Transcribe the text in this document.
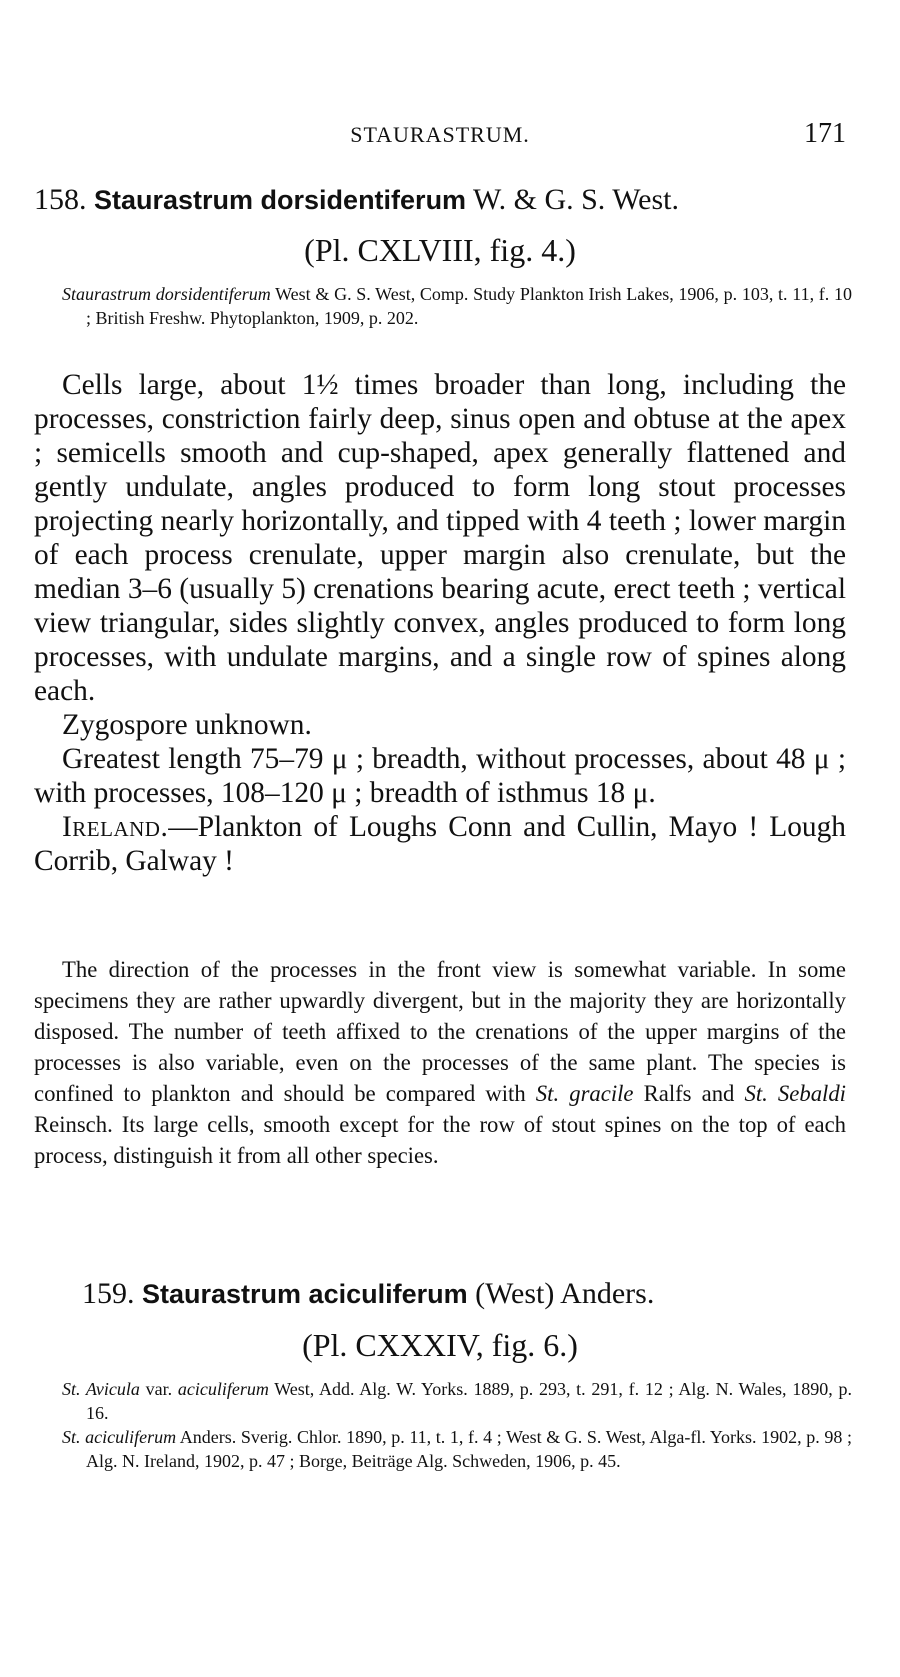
STAURASTRUM.	171
158. Staurastrum dorsidentiferum W. & G. S. West.
(Pl. CXLVIII, fig. 4.)
Staurastrum dorsidentiferum West & G. S. West, Comp. Study Plankton Irish Lakes, 1906, p. 103, t. 11, f. 10 ; British Freshw. Phytoplankton, 1909, p. 202.

Cells large, about 1½ times broader than long, including the processes, constriction fairly deep, sinus open and obtuse at the apex ; semicells smooth and cup-shaped, apex generally flattened and gently undulate, angles produced to form long stout processes projecting nearly horizontally, and tipped with 4 teeth ; lower margin of each process crenulate, upper margin also crenulate, but the median 3–6 (usually 5) crenations bearing acute, erect teeth ; vertical view triangular, sides slightly convex, angles produced to form long processes, with undulate margins, and a single row of spines along each.

Zygospore unknown.

Greatest length 75–79 μ ; breadth, without processes, about 48 μ ; with processes, 108–120 μ ; breadth of isthmus 18 μ.

Ireland.—Plankton of Loughs Conn and Cullin, Mayo ! Lough Corrib, Galway !

The direction of the processes in the front view is somewhat variable. In some specimens they are rather upwardly divergent, but in the majority they are horizontally disposed. The number of teeth affixed to the crenations of the upper margins of the processes is also variable, even on the processes of the same plant. The species is confined to plankton and should be compared with St. gracile Ralfs and St. Sebaldi Reinsch. Its large cells, smooth except for the row of stout spines on the top of each process, distinguish it from all other species.

159. Staurastrum aciculiferum (West) Anders.
(Pl. CXXXIV, fig. 6.)
St. Avicula var. aciculiferum West, Add. Alg. W. Yorks. 1889, p. 293, t. 291, f. 12 ; Alg. N. Wales, 1890, p. 16.
St. aciculiferum Anders. Sverig. Chlor. 1890, p. 11, t. 1, f. 4 ; West & G. S. West, Alga-fl. Yorks. 1902, p. 98 ; Alg. N. Ireland, 1902, p. 47 ; Borge, Beiträge Alg. Schweden, 1906, p. 45.
